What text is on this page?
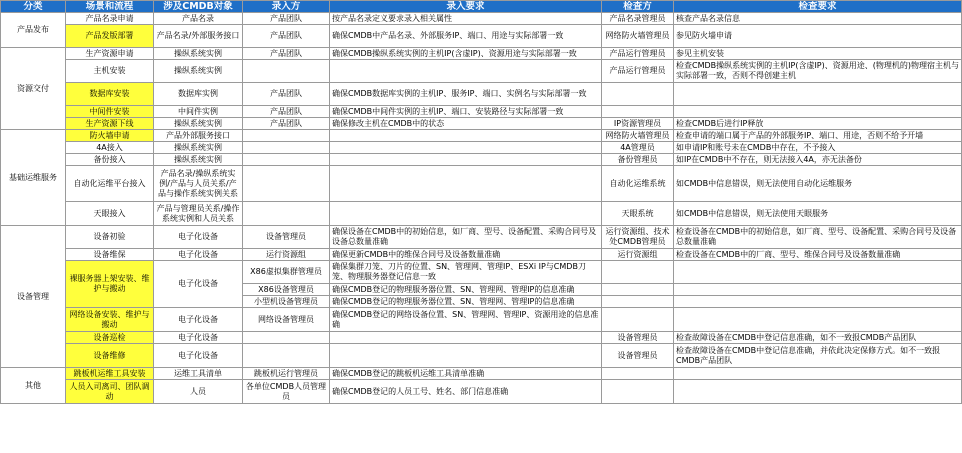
分类	场景和流程	涉及CMDB对象	录入方	录入要求	检查方	检查要求
产品发布	产品名录申请	产品名录	产品团队	按产品名录定义要求录入相关属性	产品名录管理员	核查产品名录信息
	产品发版部署	产品名录/外部服务接口	产品团队	确保CMDB中产品名录、外部服务IP、端口、用途与实际部署一致	网络防火墙管理员	参见防火墙申请
资源交付	生产资源申请	操纵系统实例	产品团队	确保CMDB操纵系统实例的主机IP(含虚IP)、资源用途与实际部署一致	产品运行管理员	参见主机安装
	主机安装	操纵系统实例			产品运行管理员	检查CMDB操纵系统实例的主机IP(含虚IP)、资源用途、(物理机的)物理宿主机与实际部署一致，否则不得创建主机
	数据库安装	数据库实例	产品团队	确保CMDB数据库实例的主机IP、服务IP、端口、实例名与实际部署一致		
	中间件安装	中间件实例	产品团队	确保CMDB中间件实例的主机IP、端口、安装路径与实际部署一致		
	生产资源下线	操纵系统实例	产品团队	确保修改主机在CMDB中的状态	IP资源管理员	检查CMDB后进行IP释放
基础运维服务	防火墙申请	产品外部服务接口			网络防火墙管理员	检查申请的端口属于产品的外部服务IP、端口、用途，否则不给予开墙
	4A接入	操纵系统实例			4A管理员	如申请IP和账号未在CMDB中存在，不予接入
	备份接入	操纵系统实例			备份管理员	如IP在CMDB中不存在，则无法接入4A，亦无法备份
	自动化运维平台接入	产品名录/操纵系统实例/产品与人员关系/产品与操作系统实例关系			自动化运维系统	如CMDB中信息错误，则无法使用自动化运维服务
	天眼接入	产品与管理员关系/操作系统实例和人员关系			天眼系统	如CMDB中信息错误，则无法使用天眼服务
设备管理	设备初验	电子化设备	设备管理员	确保设备在CMDB中的初始信息，如厂商、型号、设备配置、采购合同号及设备总数量准确	运行资源组、技术处CMDB管理员	检查设备在CMDB中的初始信息，如厂商、型号、设备配置、采购合同号及设备总数量准确
	设备维保	电子化设备	运行资源组	确保更新CMDB中的维保合同号及设备数量准确	运行资源组	检查设备在CMDB中的厂商、型号、维保合同号及设备数量准确
	裸服务器上架安装、维护与搬动	电子化设备	X86虚拟集群管理员	确保集群刀笼、刀片的位置、SN、管理网、管理IP、ESXi IP与CMDB刀笼、物理服务器登记信息一致		
			X86设备管理员	确保CMDB登记的物理服务器位置、SN、管理网、管理IP的信息准确		
			小型机设备管理员	确保CMDB登记的物理服务器位置、SN、管理网、管理IP的信息准确		
	网络设备安装、维护与搬动	电子化设备	网络设备管理员	确保CMDB登记的网络设备位置、SN、管理网、管理IP、资源用途的信息准确		
	设备巡检	电子化设备			设备管理员	检查故障设备在CMDB中登记信息准确，如不一致报CMDB产品团队
	设备维修	电子化设备			设备管理员	检查故障设备在CMDB中登记信息准确，并依此决定保修方式。如不一致报CMDB产品团队
其他	跳板机运维工具安装	运维工具清单	跳板机运行管理员	确保CMDB登记的跳板机运维工具清单准确		
	人员入司离司、团队调动	人员	各单位CMDB人员管理员	确保CMDB登记的人员工号、姓名、部门信息准确		
